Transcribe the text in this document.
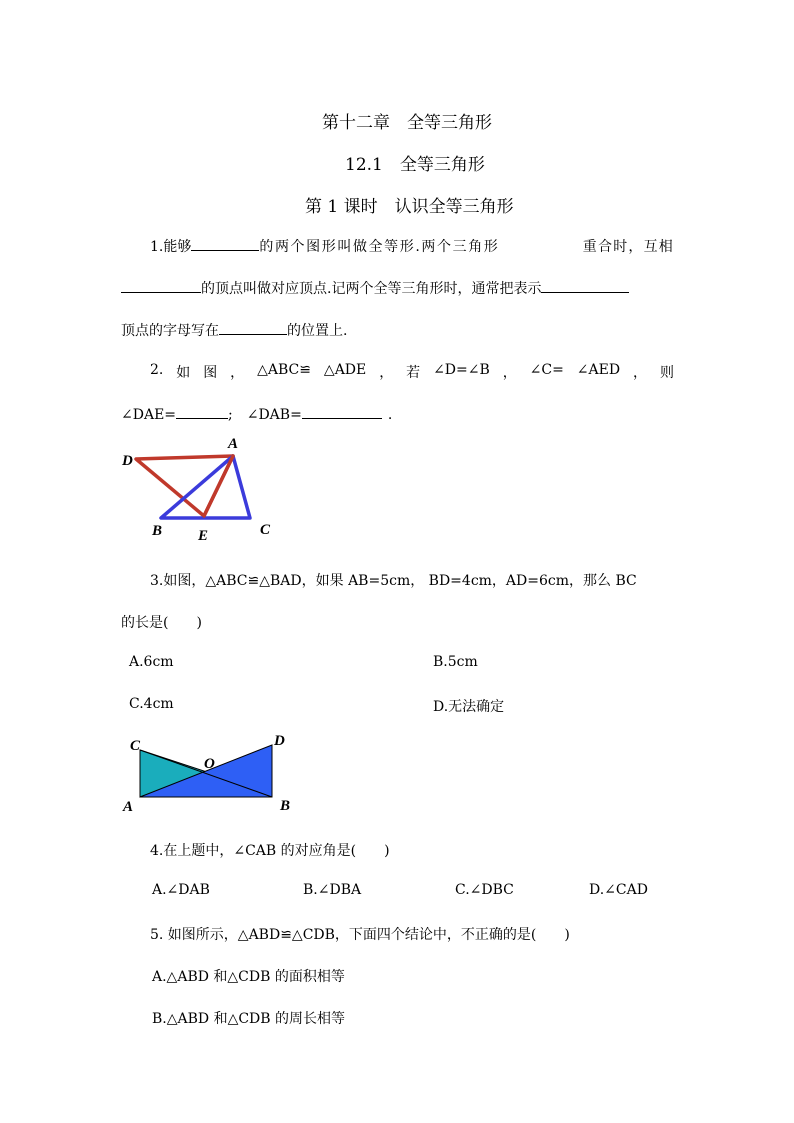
第十二章　全等三角形
12.1　全等三角形
第 1 课时　认识全等三角形
1.能够	的两个图形叫做全等形.两个三角形	重合时，互相
的顶点叫做对应顶点.记两个全等三角形时，通常把表示
顶点的字母写在	的位置上.
2. 如 图 ， △ABC≌ △ADE ， 若 ∠D=∠B ， ∠C= ∠AED ， 则
∠DAE=	;　∠DAB=	.
A
D
B E	C
3.如图，△ABC≌△BAD，如果 AB=5cm， BD=4cm，AD=6cm，那么 BC
的长是(　　)
A.6cm	B.5cm
C.4cm	D.无法确定
C	D
O
A	B
4.在上题中，∠CAB 的对应角是(　　)
A.∠DAB	B.∠DBA	C.∠DBC	D.∠CAD
5. 如图所示，△ABD≌△CDB，下面四个结论中，不正确的是(　　)
A.△ABD 和△CDB 的面积相等
B.△ABD 和△CDB 的周长相等
